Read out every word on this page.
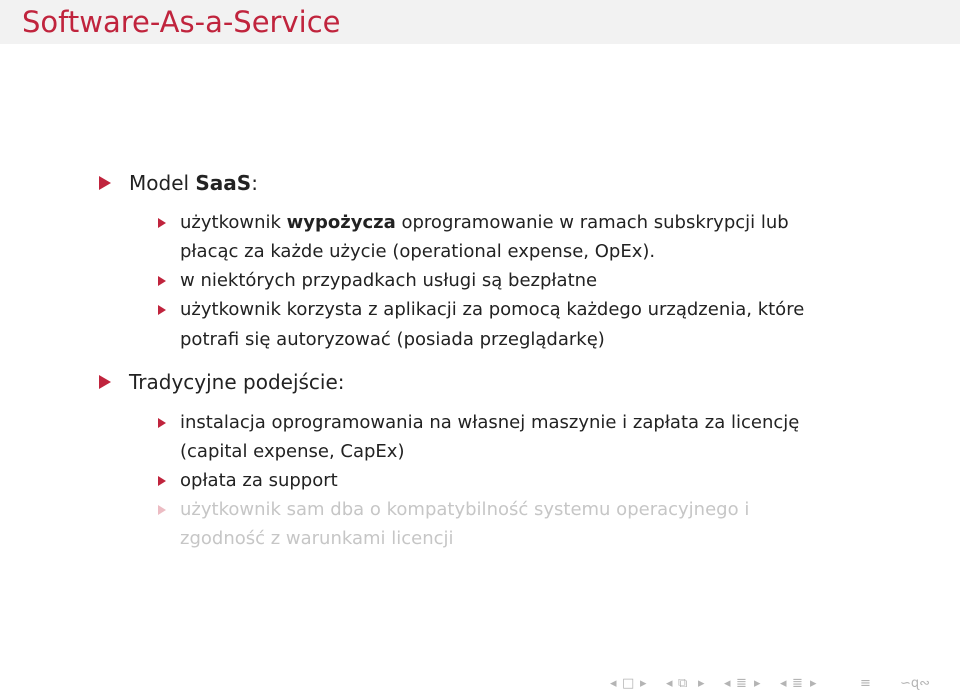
Software-As-a-Service
Model SaaS:
użytkownik wypożycza oprogramowanie w ramach subskrypcji lub
płacąc za każde użycie (operational expense, OpEx).
w niektórych przypadkach usługi są bezpłatne
użytkownik korzysta z aplikacji za pomocą każdego urządzenia, które
potrafi się autoryzować (posiada przeglądarkę)
Tradycyjne podejście:
instalacja oprogramowania na własnej maszynie i zapłata za licencję
(capital expense, CapEx)
opłata za support
użytkownik sam dba o kompatybilność systemu operacyjnego i
zgodność z warunkami licencji
◂ □ ▸ ◂ ⧉ ▸ ◂ ≣ ▸ ◂ ≣ ▸	≡ ∽ɋ∾
